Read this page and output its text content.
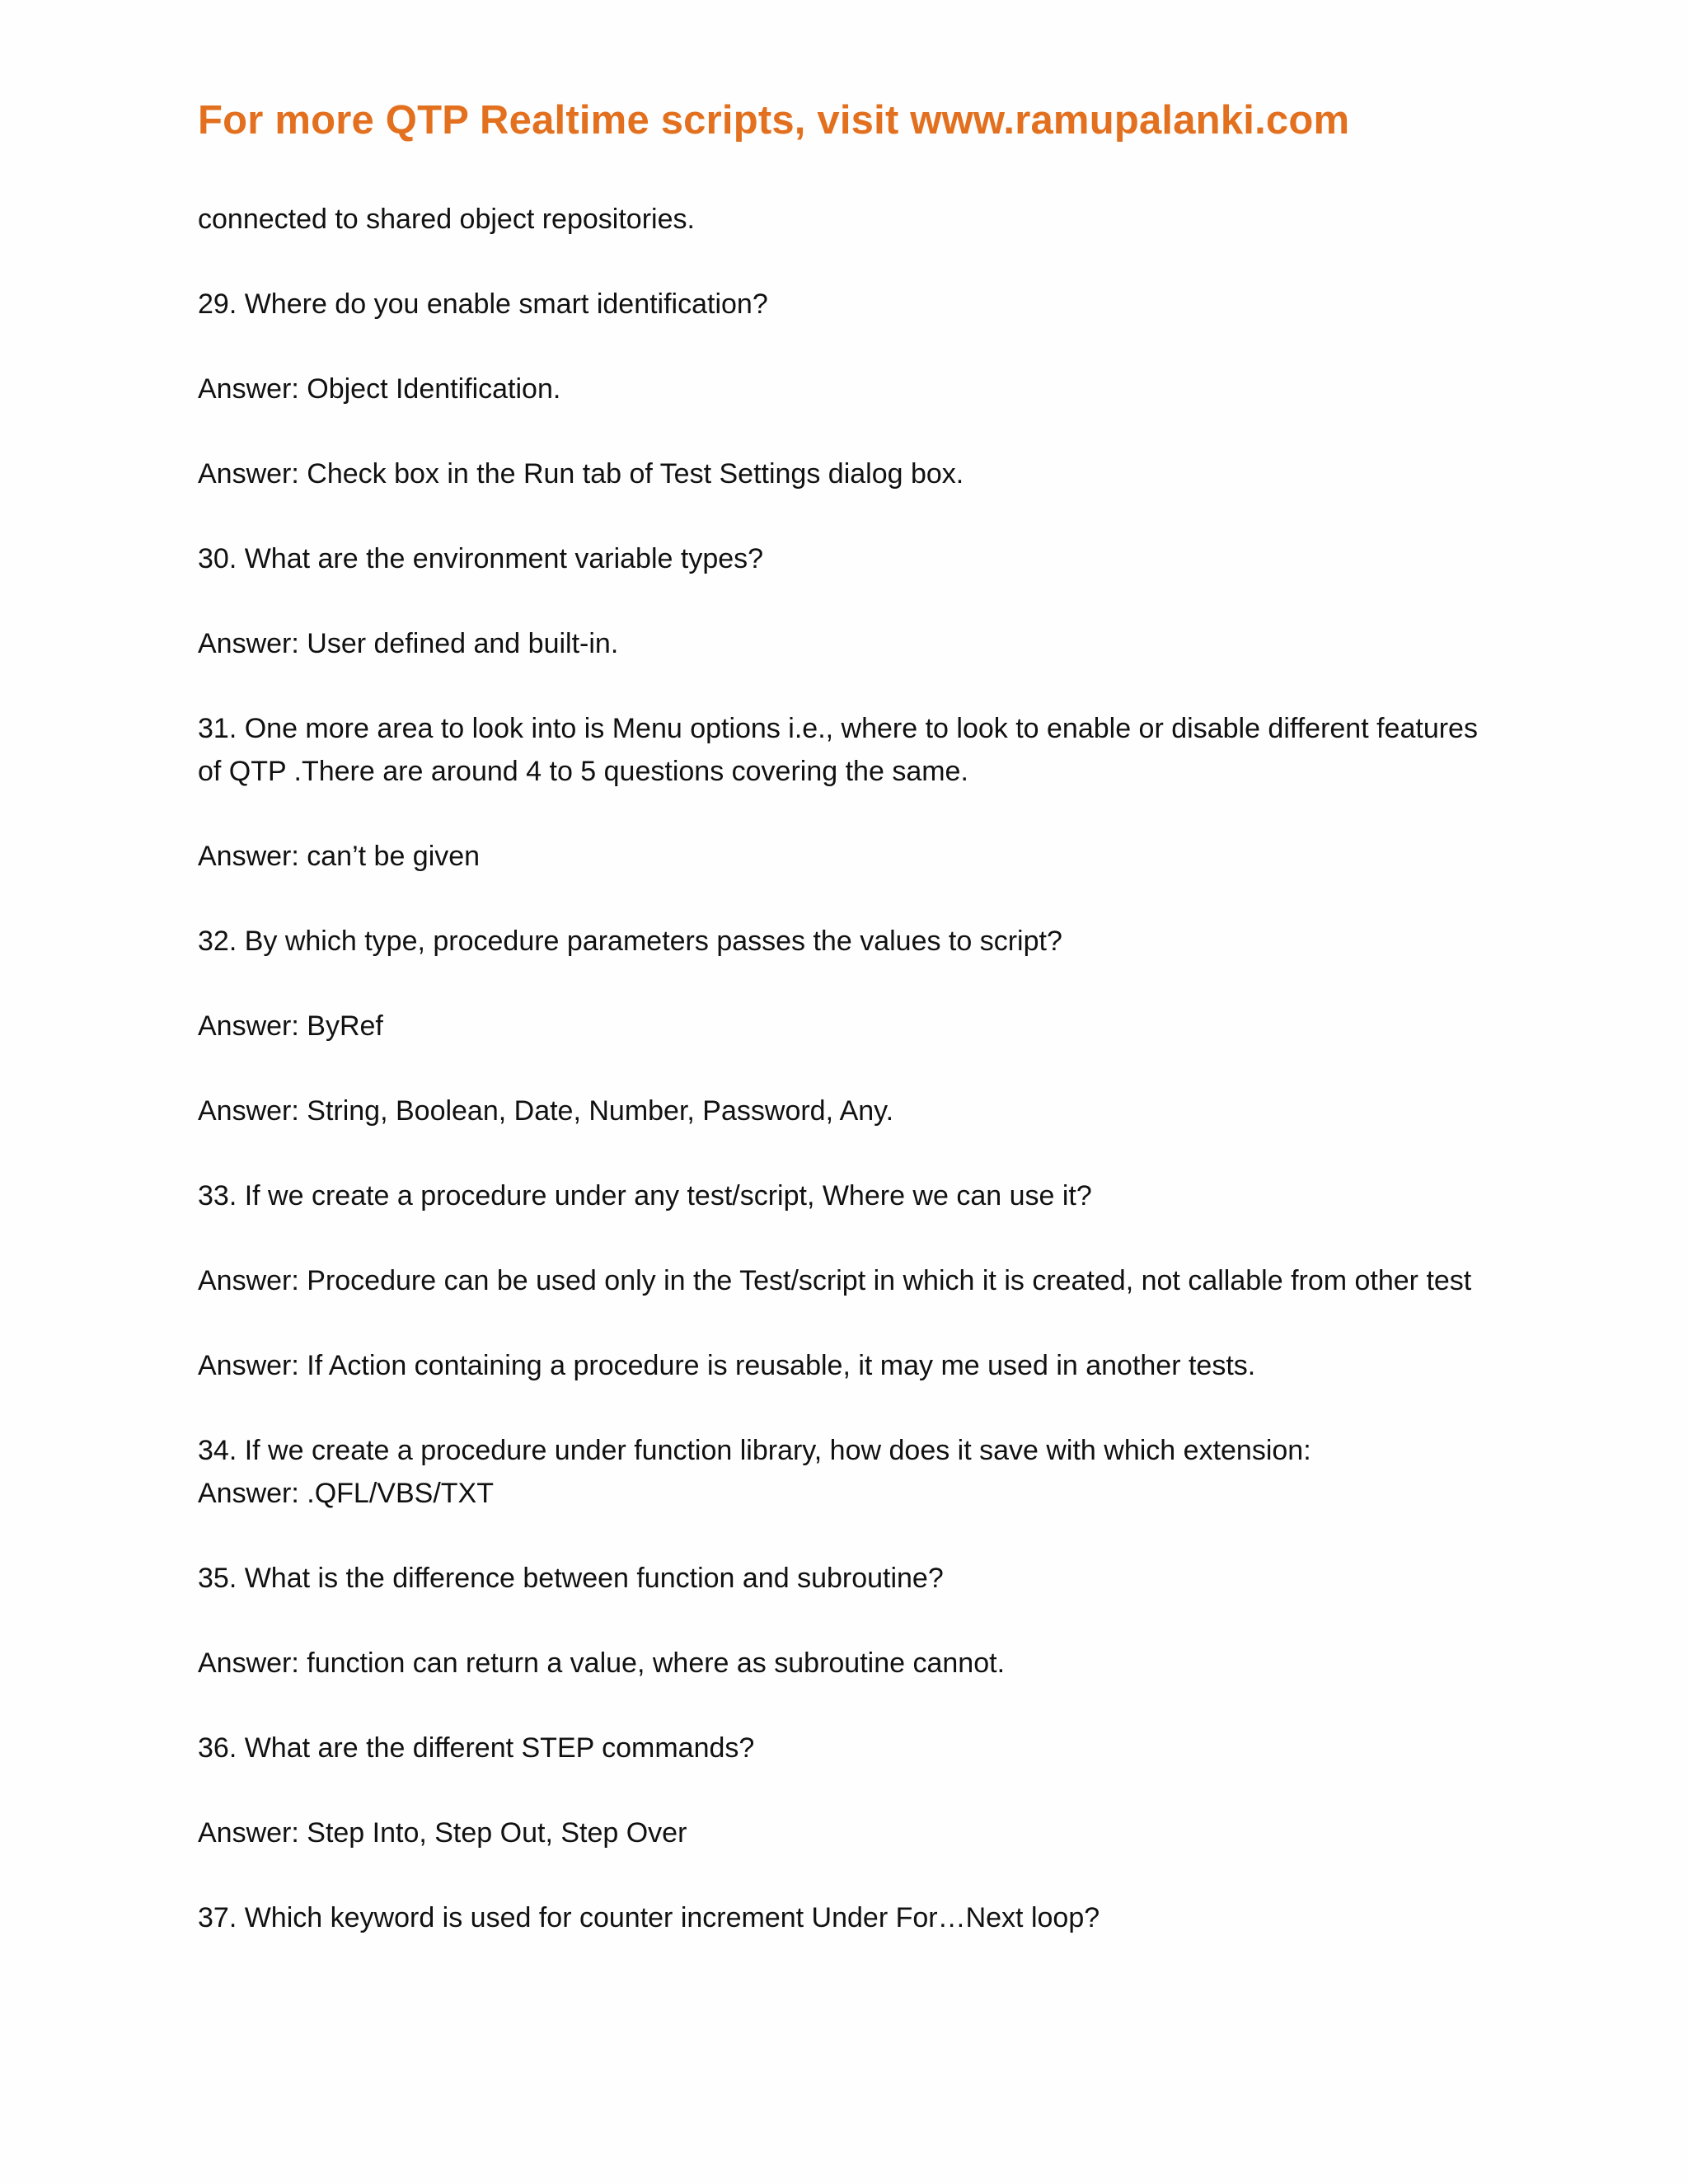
For more QTP Realtime scripts, visit www.ramupalanki.com

connected to shared object repositories.

29. Where do you enable smart identification?

Answer: Object Identification.

Answer: Check box in the Run tab of Test Settings dialog box.

30. What are the environment variable types?

Answer: User defined and built-in.

31. One more area to look into is Menu options i.e., where to look to enable or disable different features
of QTP .There are around 4 to 5 questions covering the same.

Answer: can’t be given

32. By which type, procedure parameters passes the values to script?

Answer: ByRef

Answer: String, Boolean, Date, Number, Password, Any.

33. If we create a procedure under any test/script, Where we can use it?

Answer: Procedure can be used only in the Test/script in which it is created, not callable from other test

Answer: If Action containing a procedure is reusable, it may me used in another tests.

34. If we create a procedure under function library, how does it save with which extension:
Answer: .QFL/VBS/TXT

35. What is the difference between function and subroutine?

Answer: function can return a value, where as subroutine cannot.

36. What are the different STEP commands?

Answer: Step Into, Step Out, Step Over

37. Which keyword is used for counter increment Under For…Next loop?
